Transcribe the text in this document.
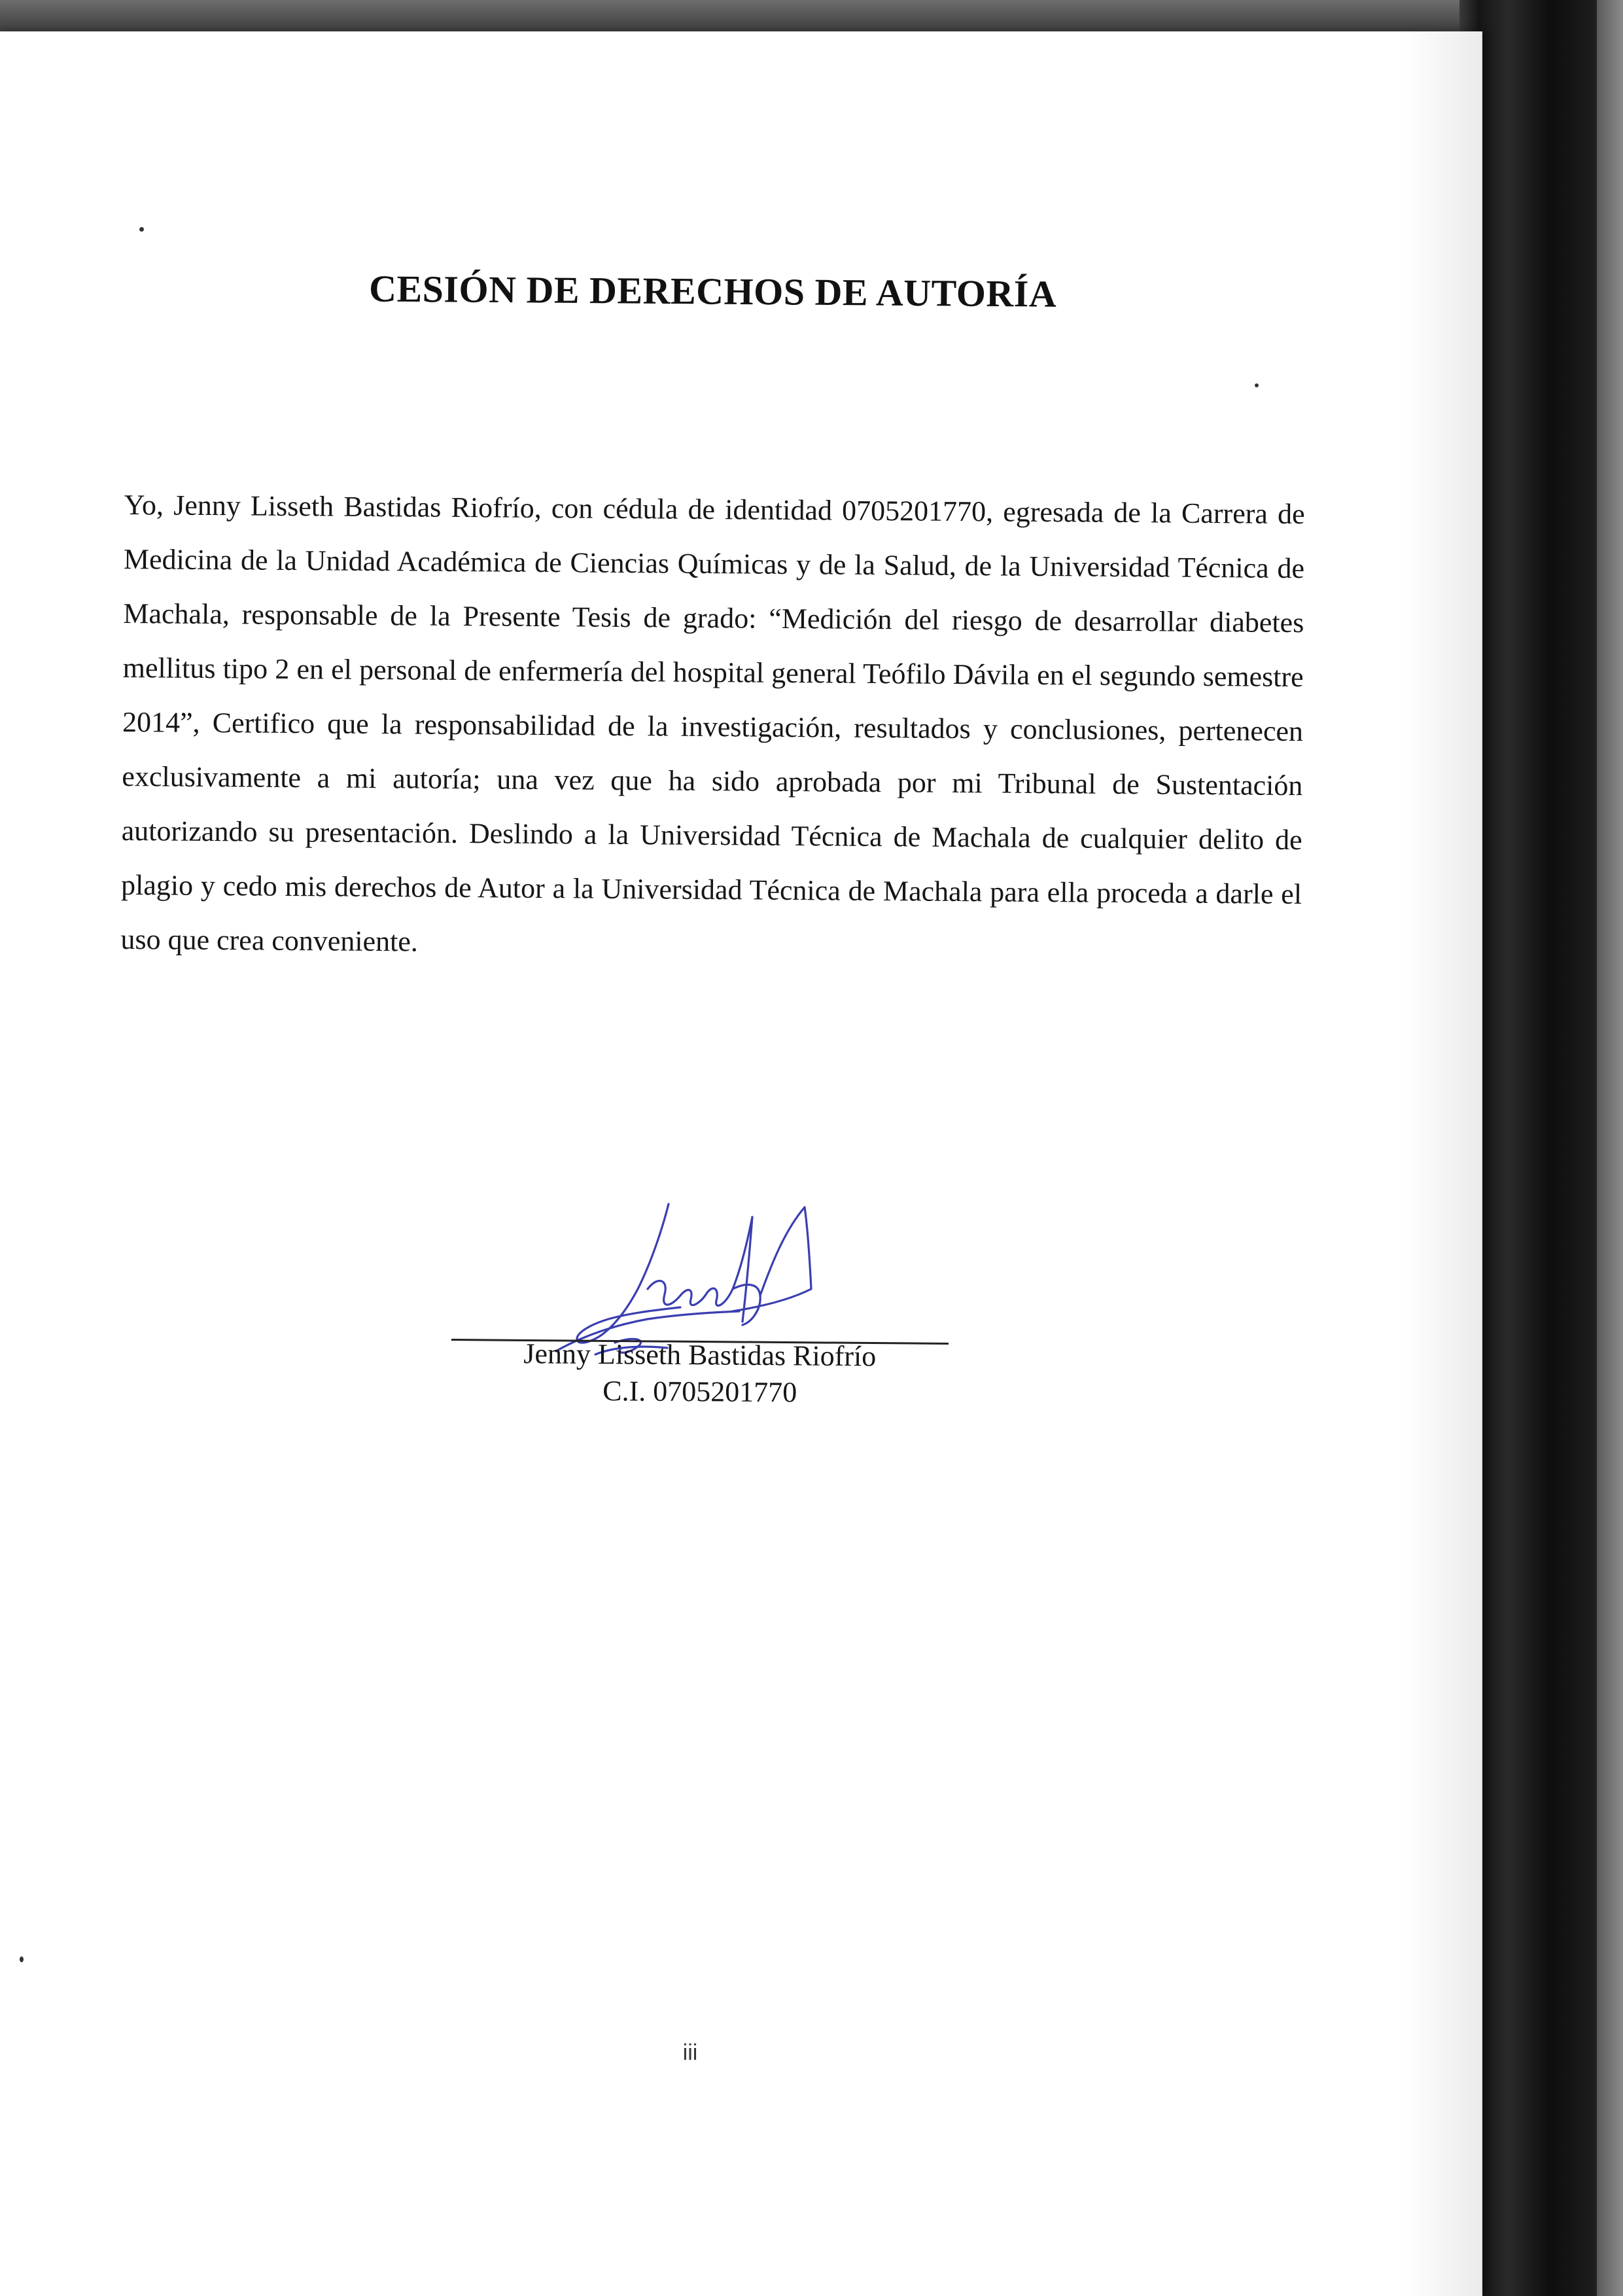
CESIÓN DE DERECHOS DE AUTORÍA

Yo, Jenny Lisseth Bastidas Riofrío, con cédula de identidad 0705201770, egresada de la Carrera de Medicina de la Unidad Académica de Ciencias Químicas y de la Salud, de la Universidad Técnica de Machala, responsable de la Presente Tesis de grado: “Medición del riesgo de desarrollar diabetes mellitus tipo 2 en el personal de enfermería del hospital general Teófilo Dávila en el segundo semestre 2014”, Certifico que la responsabilidad de la investigación, resultados y conclusiones, pertenecen exclusivamente a mi autoría; una vez que ha sido aprobada por mi Tribunal de Sustentación autorizando su presentación. Deslindo a la Universidad Técnica de Machala de cualquier delito de plagio y cedo mis derechos de Autor a la Universidad Técnica de Machala para ella proceda a darle el uso que crea conveniente.

Jenny Lisseth Bastidas Riofrío
C.I. 0705201770
iii
